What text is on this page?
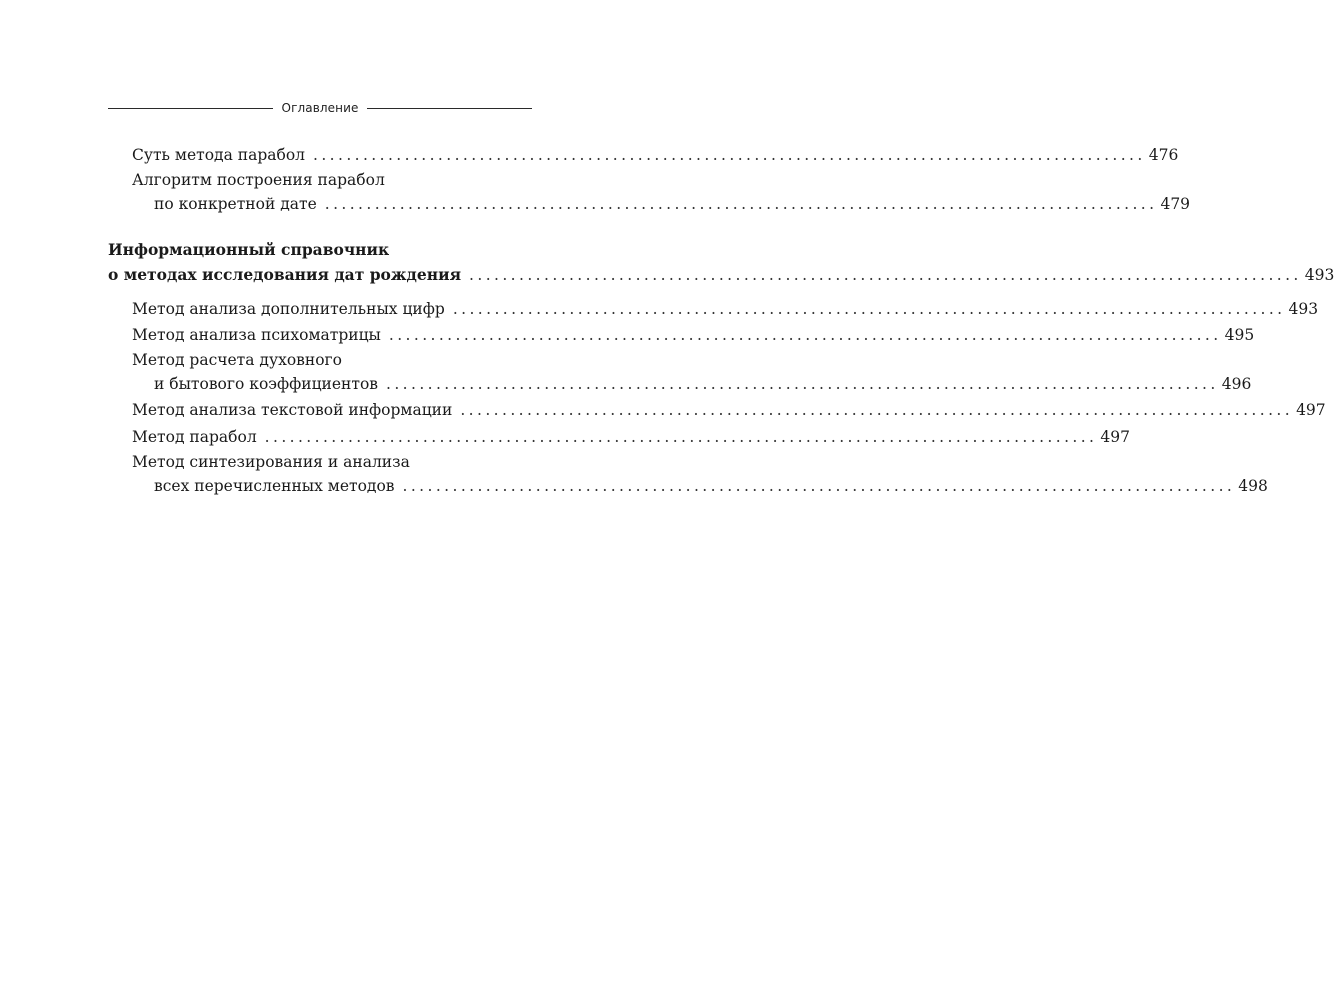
Оглавление
Суть метода парабол .................................................................................................... 476
Алгоритм построения парабол
по конкретной дате .................................................................................................... 479
Информационный справочник
о методах исследования дат рождения .................................................................................................... 493
Метод анализа дополнительных цифр .................................................................................................... 493
Метод анализа психоматрицы .................................................................................................... 495
Метод расчета духовного
и бытового коэффициентов .................................................................................................... 496
Метод анализа текстовой информации .................................................................................................... 497
Метод парабол .................................................................................................... 497
Метод синтезирования и анализа
всех перечисленных методов .................................................................................................... 498
